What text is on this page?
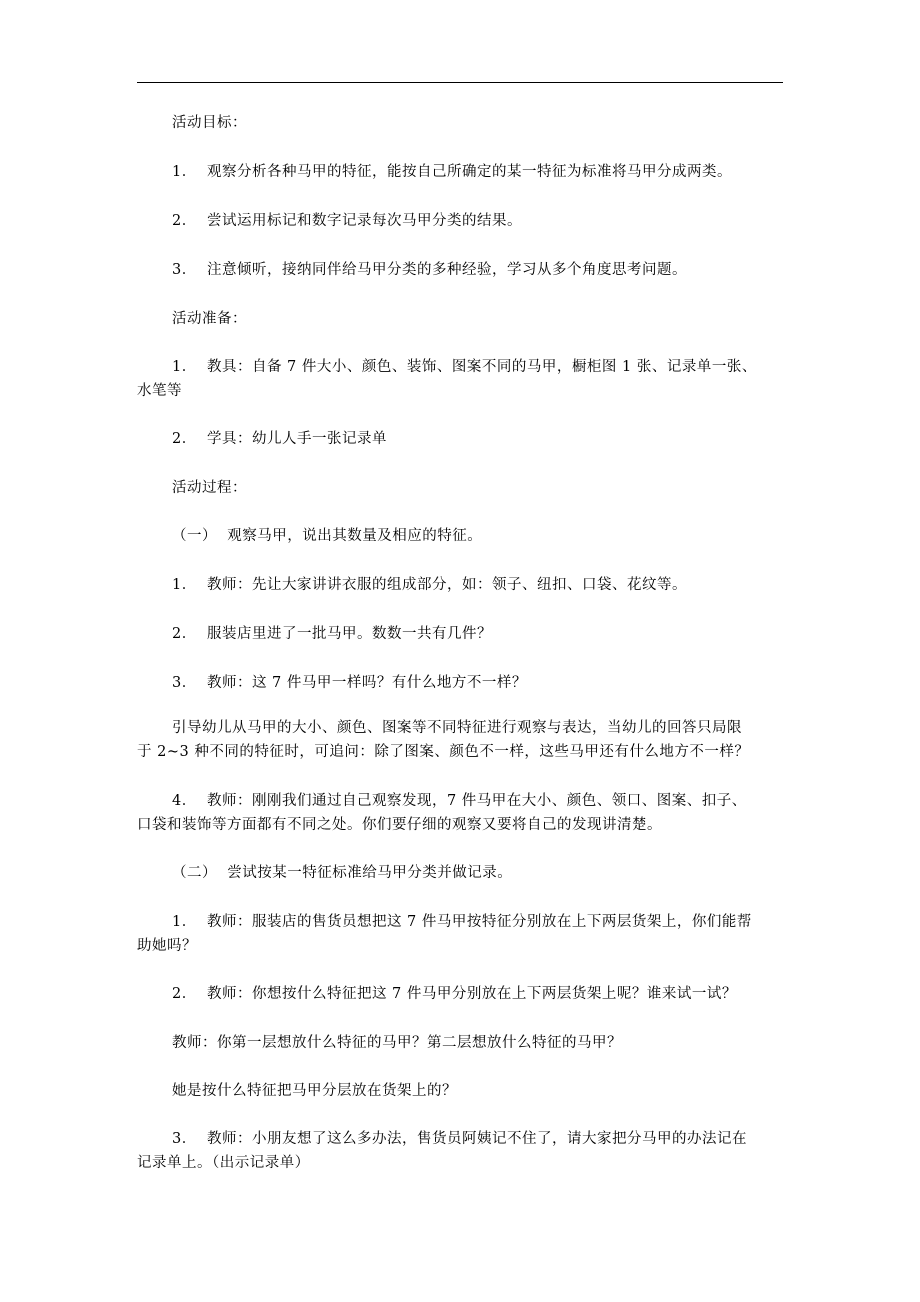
活动目标：
1．  观察分析各种马甲的特征，能按自己所确定的某一特征为标准将马甲分成两类。
2．  尝试运用标记和数字记录每次马甲分类的结果。
3．  注意倾听，接纳同伴给马甲分类的多种经验，学习从多个角度思考问题。
活动准备：
1．  教具：自备 7 件大小、颜色、装饰、图案不同的马甲，橱柜图 1 张、记录单一张、
水笔等
2．  学具：幼儿人手一张记录单
活动过程：
（一）  观察马甲，说出其数量及相应的特征。
1．  教师：先让大家讲讲衣服的组成部分，如：领子、纽扣、口袋、花纹等。
2．  服装店里进了一批马甲。数数一共有几件？
3．  教师：这 7 件马甲一样吗？有什么地方不一样？
引导幼儿从马甲的大小、颜色、图案等不同特征进行观察与表达，当幼儿的回答只局限
于 2~3 种不同的特征时，可追问：除了图案、颜色不一样，这些马甲还有什么地方不一样？
4．  教师：刚刚我们通过自己观察发现，7 件马甲在大小、颜色、领口、图案、扣子、
口袋和装饰等方面都有不同之处。你们要仔细的观察又要将自己的发现讲清楚。
（二）  尝试按某一特征标准给马甲分类并做记录。
1．  教师：服装店的售货员想把这 7 件马甲按特征分别放在上下两层货架上，你们能帮
助她吗？
2．  教师：你想按什么特征把这 7 件马甲分别放在上下两层货架上呢？谁来试一试？
教师：你第一层想放什么特征的马甲？第二层想放什么特征的马甲？
她是按什么特征把马甲分层放在货架上的？
3．  教师：小朋友想了这么多办法，售货员阿姨记不住了，请大家把分马甲的办法记在
记录单上。（出示记录单）
